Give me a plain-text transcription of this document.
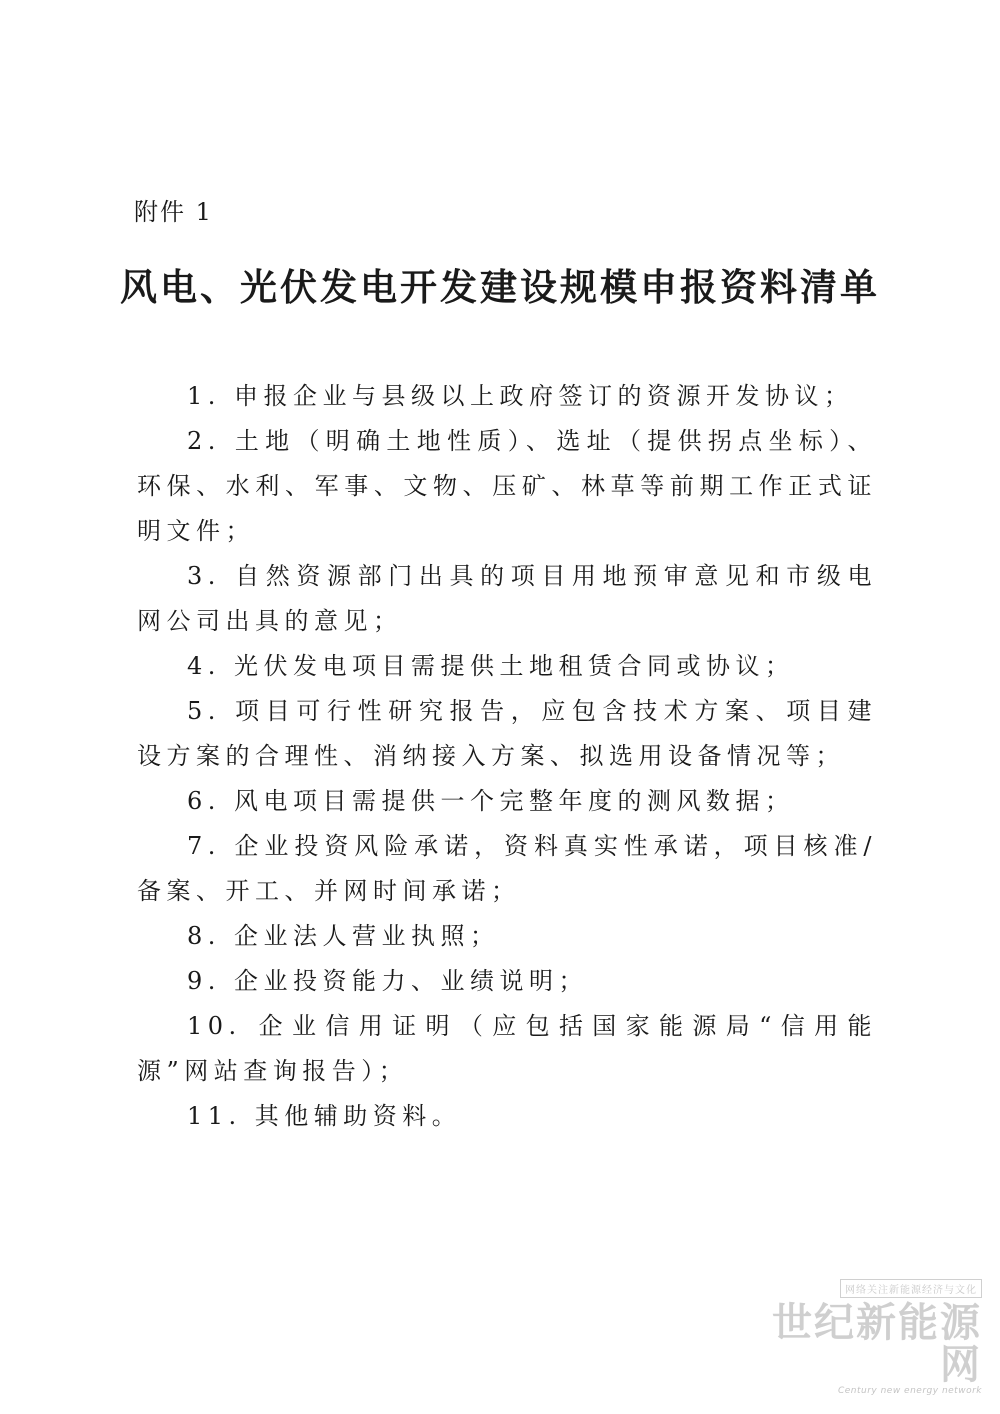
附件 1
风电、光伏发电开发建设规模申报资料清单

1. 申报企业与县级以上政府签订的资源开发协议；

2. 土地（明确土地性质）、选址（提供拐点坐标）、环保、水利、军事、文物、压矿、林草等前期工作正式证明文件；

3. 自然资源部门出具的项目用地预审意见和市级电网公司出具的意见；

4. 光伏发电项目需提供土地租赁合同或协议；

5. 项目可行性研究报告，应包含技术方案、项目建设方案的合理性、消纳接入方案、拟选用设备情况等；

6. 风电项目需提供一个完整年度的测风数据；

7. 企业投资风险承诺，资料真实性承诺，项目核准/备案、开工、并网时间承诺；

8. 企业法人营业执照；

9. 企业投资能力、业绩说明；

10. 企业信用证明（应包括国家能源局“信用能源”网站查询报告）；

11. 其他辅助资料。

网络关注新能源经济与文化
世纪新能源网
Century new energy network
